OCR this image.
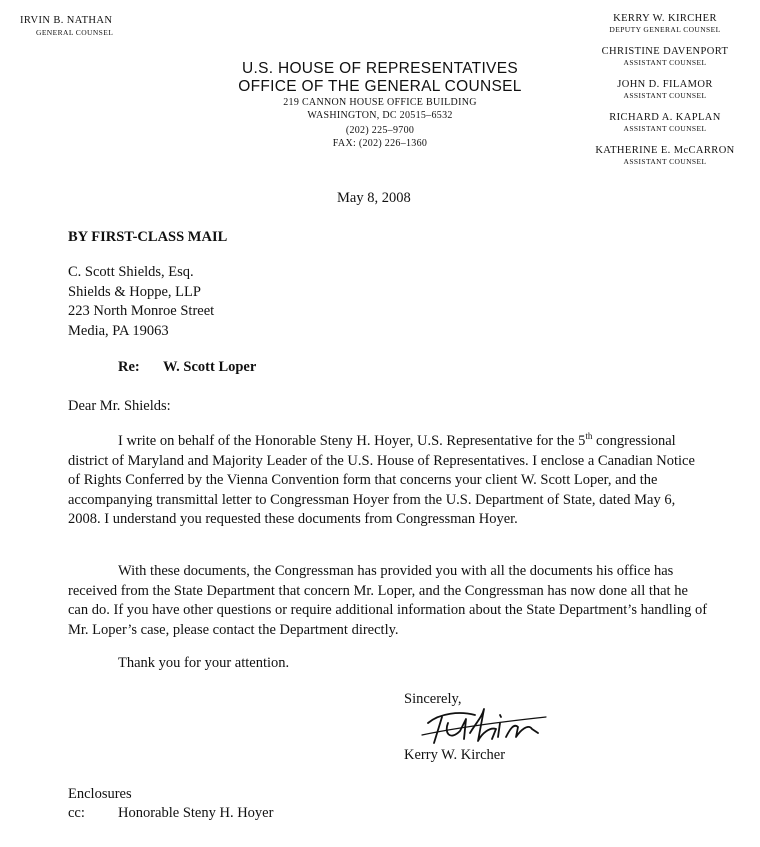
IRVIN B. NATHAN
GENERAL COUNSEL
U.S. HOUSE OF REPRESENTATIVES
OFFICE OF THE GENERAL COUNSEL
219 CANNON HOUSE OFFICE BUILDING
WASHINGTON, DC 20515–6532
(202) 225–9700
FAX: (202) 226–1360
KERRY W. KIRCHER
DEPUTY GENERAL COUNSEL
CHRISTINE DAVENPORT
ASSISTANT COUNSEL
JOHN D. FILAMOR
ASSISTANT COUNSEL
RICHARD A. KAPLAN
ASSISTANT COUNSEL
KATHERINE E. McCARRON
ASSISTANT COUNSEL
May 8, 2008
BY FIRST-CLASS MAIL
C. Scott Shields, Esq.
Shields & Hoppe, LLP
223 North Monroe Street
Media, PA 19063
Re: W. Scott Loper
Dear Mr. Shields:
I write on behalf of the Honorable Steny H. Hoyer, U.S. Representative for the 5th congressional district of Maryland and Majority Leader of the U.S. House of Representatives. I enclose a Canadian Notice of Rights Conferred by the Vienna Convention form that concerns your client W. Scott Loper, and the accompanying transmittal letter to Congressman Hoyer from the U.S. Department of State, dated May 6, 2008. I understand you requested these documents from Congressman Hoyer.
With these documents, the Congressman has provided you with all the documents his office has received from the State Department that concern Mr. Loper, and the Congressman has now done all that he can do. If you have other questions or require additional information about the State Department’s handling of Mr. Loper’s case, please contact the Department directly.
Thank you for your attention.
Sincerely,
Kerry W. Kircher
Enclosures
cc: Honorable Steny H. Hoyer
